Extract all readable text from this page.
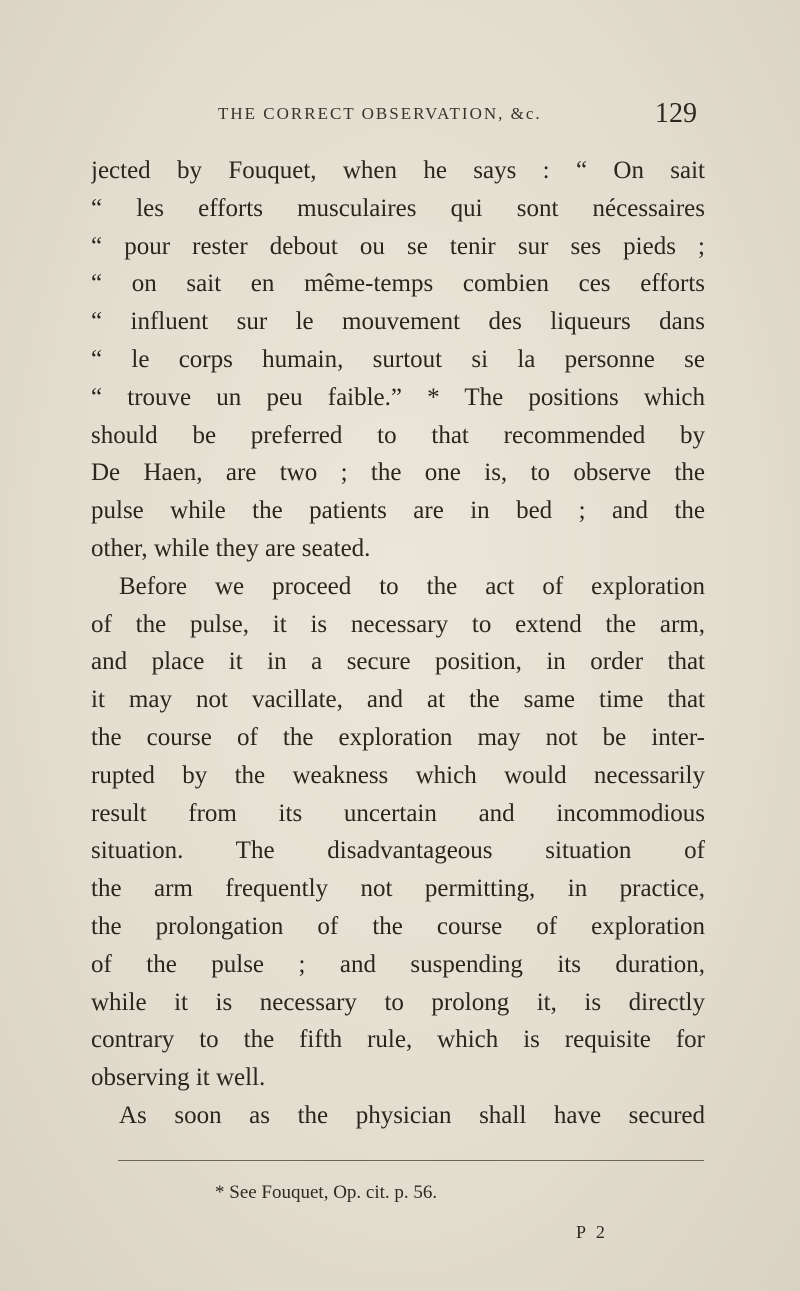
THE CORRECT OBSERVATION, &c.	129
jected by Fouquet, when he says : “ On sait
“ les efforts musculaires qui sont nécessaires
“ pour rester debout ou se tenir sur ses pieds ;
“ on sait en même-temps combien ces efforts
“ influent sur le mouvement des liqueurs dans
“ le corps humain, surtout si la personne se
“ trouve un peu faible.” * The positions which
should be preferred to that recommended by
De Haen, are two ; the one is, to observe the
pulse while the patients are in bed ; and the
other, while they are seated.
Before we proceed to the act of exploration
of the pulse, it is necessary to extend the arm,
and place it in a secure position, in order that
it may not vacillate, and at the same time that
the course of the exploration may not be inter-
rupted by the weakness which would necessarily
result from its uncertain and incommodious
situation. The disadvantageous situation of
the arm frequently not permitting, in practice,
the prolongation of the course of exploration
of the pulse ; and suspending its duration,
while it is necessary to prolong it, is directly
contrary to the fifth rule, which is requisite for
observing it well.
As soon as the physician shall have secured
* See Fouquet, Op. cit. p. 56.
P 2
